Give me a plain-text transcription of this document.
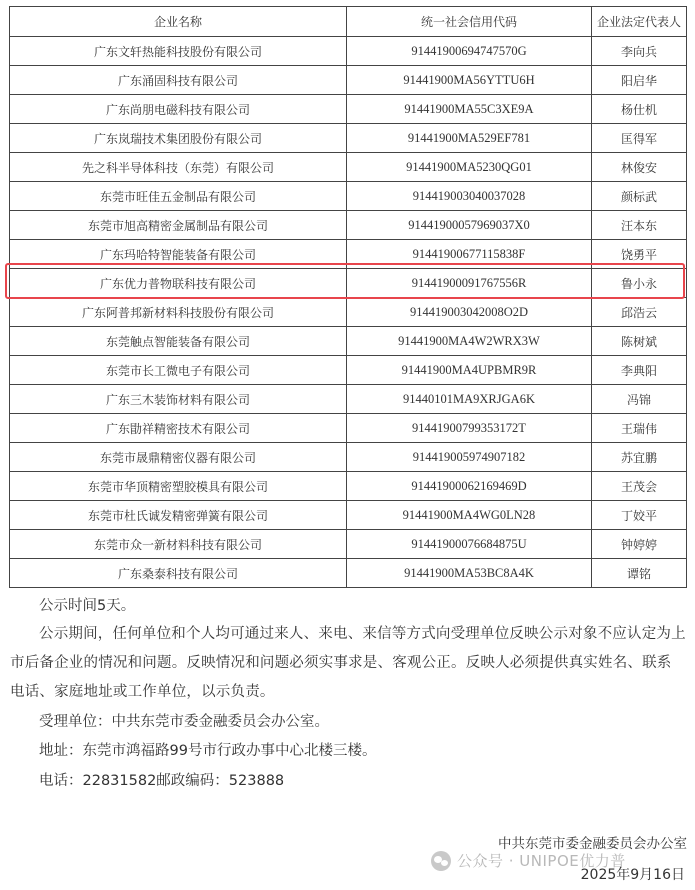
企业名称	统一社会信用代码	企业法定代表人
广东文轩热能科技股份有限公司	91441900694747570G	李向兵
广东涌固科技有限公司	91441900MA56YTTU6H	阳启华
广东尚朋电磁科技有限公司	91441900MA55C3XE9A	杨仕机
广东岚瑞技术集团股份有限公司	91441900MA529EF781	匡得军
先之科半导体科技（东莞）有限公司	91441900MA5230QG01	林俊安
东莞市旺佳五金制品有限公司	914419003040037028	颜标武
东莞市旭高精密金属制品有限公司	91441900057969037X0	汪本东
广东玛哈特智能装备有限公司	91441900677115838F	饶勇平
广东优力普物联科技有限公司	91441900091767556R	鲁小永
广东阿普邦新材料科技股份有限公司	914419003042008O2D	邱浩云
东莞触点智能装备有限公司	91441900MA4W2WRX3W	陈树斌
东莞市长工微电子有限公司	91441900MA4UPBMR9R	李典阳
广东三木装饰材料有限公司	91440101MA9XRJGA6K	冯锦
广东勖祥精密技术有限公司	91441900799353172T	王瑞伟
东莞市晟鼎精密仪器有限公司	91441900597490718​2	苏宜鹏
东莞市华顶精密塑胶模具有限公司	91441900062169469D	王茂会
东莞市杜氏诚发精密弹簧有限公司	91441900MA4WG0LN28	丁姣平
东莞市众一新材料科技有限公司	91441900076684875U	钟婷婷
广东桑泰科技有限公司	91441900MA53BC8A4K	谭铭
公示时间5天。
公示期间，任何单位和个人均可通过来人、来电、来信等方式向受理单位反映公示对象不应认定为上市后备企业的情况和问题。反映情况和问题必须实事求是、客观公正。反映人必须提供真实姓名、联系电话、家庭地址或工作单位，以示负责。
受理单位：中共东莞市委金融委员会办公室。
地址：东莞市鸿福路99号市行政办事中心北楼三楼。
电话：22831582邮政编码：523888
中共东莞市委金融委员会办公室
公众号 · UNIPOE优力普
2025年9月16日
